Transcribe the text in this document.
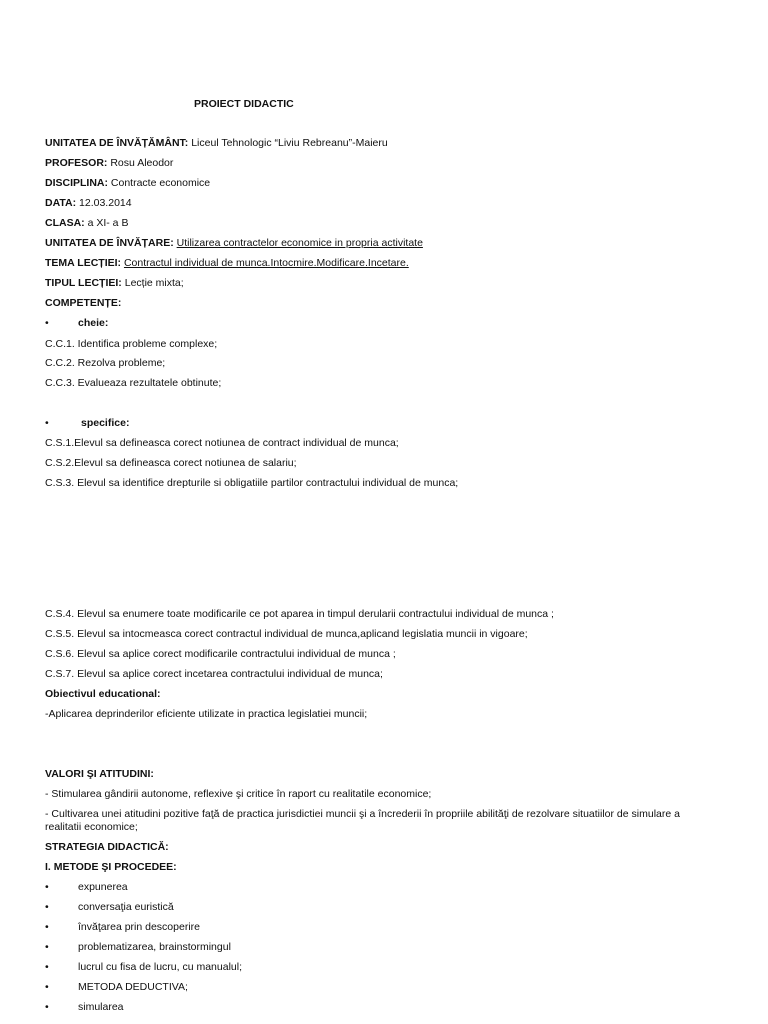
PROIECT DIDACTIC
UNITATEA DE ÎNVĂȚĂMÂNT: Liceul Tehnologic “Liviu Rebreanu”-Maieru
PROFESOR: Rosu Aleodor
DISCIPLINA: Contracte economice
DATA: 12.03.2014
CLASA: a XI- a B
UNITATEA DE ÎNVĂȚARE: Utilizarea contractelor economice in propria activitate
TEMA LECȚIEI: Contractul individual de munca.Intocmire.Modificare.Incetare.
TIPUL LECȚIEI: Lecție mixta;
COMPETENȚE:
•	cheie:
C.C.1. Identifica probleme complexe;
C.C.2. Rezolva probleme;
C.C.3. Evalueaza rezultatele obtinute;
•	specifice:
C.S.1.Elevul sa defineasca corect notiunea de contract individual de munca;
C.S.2.Elevul sa defineasca corect notiunea de salariu;
C.S.3. Elevul sa identifice drepturile si obligatiile partilor contractului individual de munca;
C.S.4. Elevul sa enumere toate modificarile ce pot aparea in timpul derularii contractului individual de munca ;
C.S.5. Elevul sa intocmeasca corect contractul individual de munca,aplicand legislatia muncii in vigoare;
C.S.6. Elevul sa aplice corect modificarile contractului individual de munca ;
C.S.7. Elevul sa aplice corect incetarea contractului individual de munca;
Obiectivul educational:
-Aplicarea deprinderilor eficiente utilizate in practica legislatiei muncii;
VALORI ŞI ATITUDINI:
- Stimularea gândirii autonome, reflexive şi critice în raport cu realitatile economice;
- Cultivarea unei atitudini pozitive faţă de practica jurisdictiei muncii şi a încrederii în propriile abilităţi de rezolvare situatiilor de simulare a realitatii economice;
STRATEGIA DIDACTICĂ:
I. METODE ŞI PROCEDEE:
•	expunerea
•	conversaţia euristică
•	învăţarea prin descoperire
•	problematizarea, brainstormingul
•	lucrul cu fisa de lucru, cu manualul;
•	METODA DEDUCTIVA;
•	simularea
